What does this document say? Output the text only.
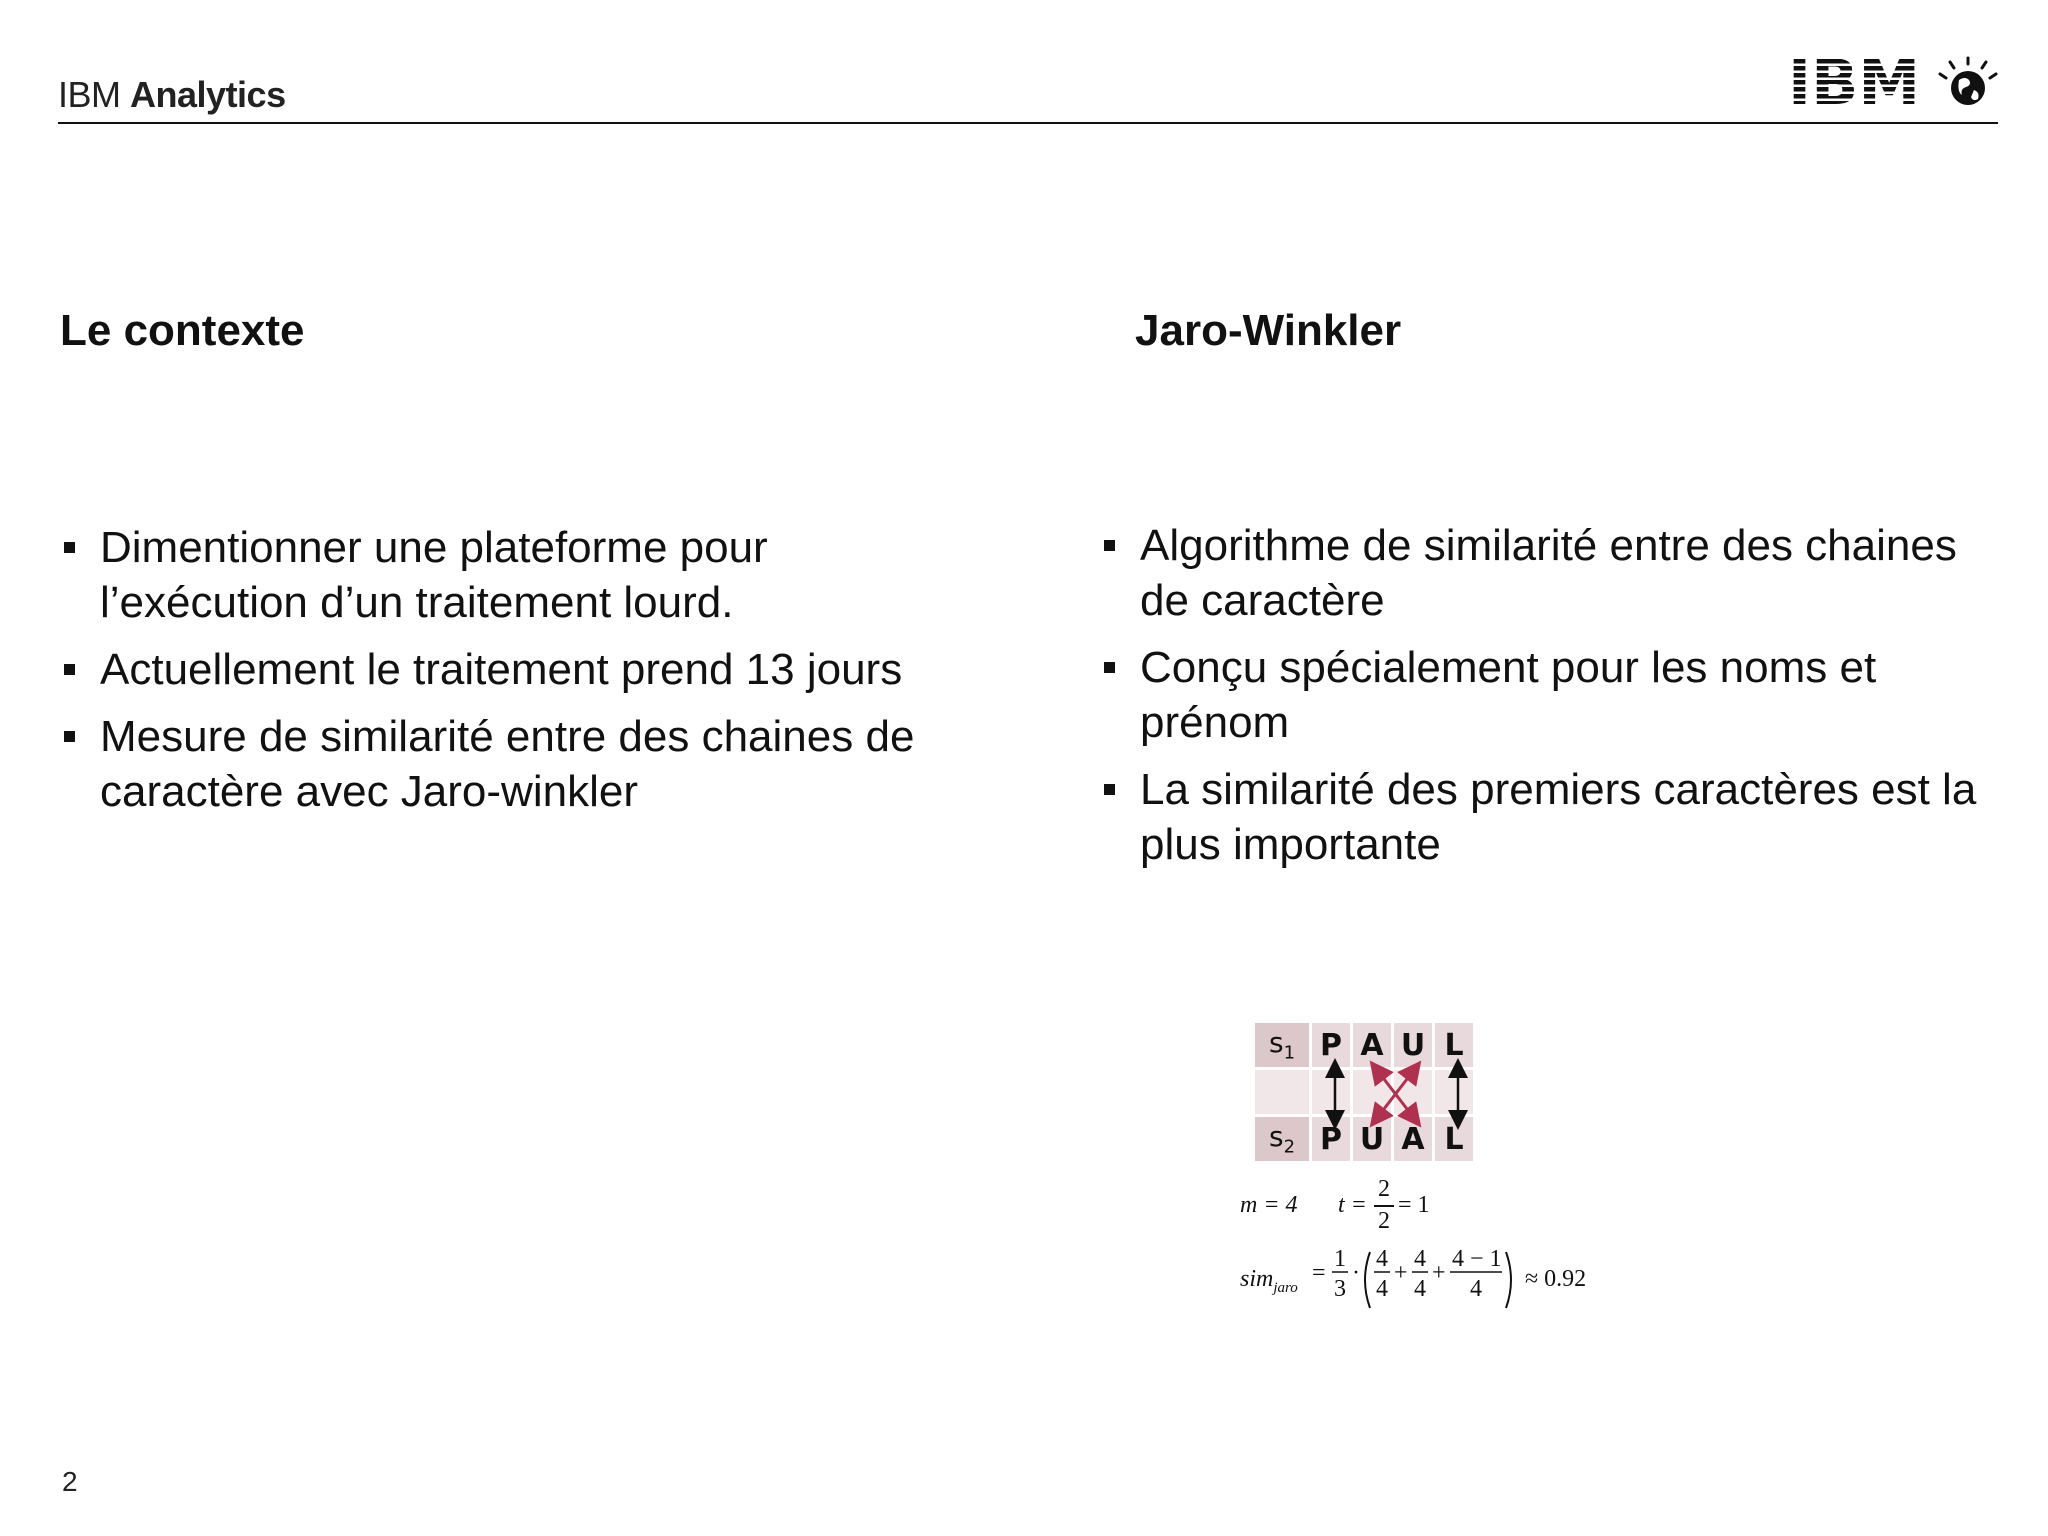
IBM Analytics	IBM
Le contexte
Dimentionner une plateforme pour l’exécution d’un traitement lourd.
Actuellement le traitement prend 13 jours
Mesure de similarité entre des chaines de caractère avec Jaro-winkler
Jaro-Winkler
Algorithme de similarité entre des chaines de caractère
Conçu spécialement pour les noms et prénom
La similarité des premiers caractères est la plus importante
$s_1$	P	A	U	L

$s_2$	P	U	A	L
m = 4 t =
2
2
= 1
sim$_{jaro}$
=
1
3
·
4
4
+
4
4
+
4 − 1
4 ≈ 0.92
2
